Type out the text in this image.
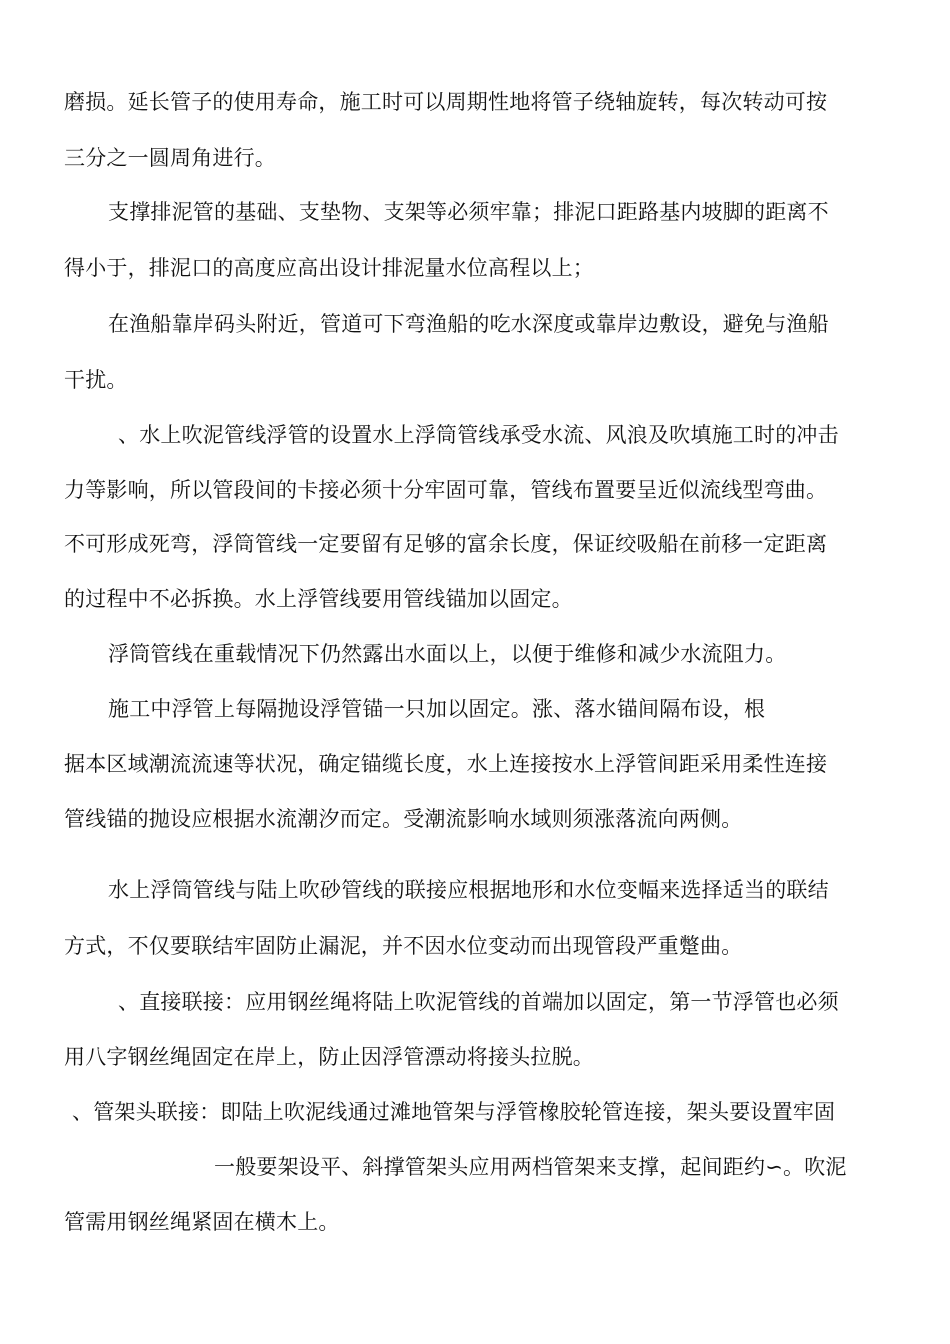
磨损。延长管子的使用寿命，施工时可以周期性地将管子绕轴旋转，每次转动可按
三分之一圆周角进行。
支撑排泥管的基础、支垫物、支架等必须牢靠；排泥口距路基内坡脚的距离不
得小于，排泥口的高度应高出设计排泥量水位高程以上；
在渔船靠岸码头附近，管道可下弯渔船的吃水深度或靠岸边敷设，避免与渔船
干扰。
、水上吹泥管线浮管的设置水上浮筒管线承受水流、风浪及吹填施工时的冲击
力等影响，所以管段间的卡接必须十分牢固可靠，管线布置要呈近似流线型弯曲。
不可形成死弯，浮筒管线一定要留有足够的富余长度，保证绞吸船在前移一定距离
的过程中不必拆换。水上浮管线要用管线锚加以固定。
浮筒管线在重载情况下仍然露出水面以上，以便于维修和减少水流阻力。
施工中浮管上每隔抛设浮管锚一只加以固定。涨、落水锚间隔布设，根
据本区域潮流流速等状况，确定锚缆长度，水上连接按水上浮管间距采用柔性连接
管线锚的抛设应根据水流潮汐而定。受潮流影响水域则须涨落流向两侧。
水上浮筒管线与陆上吹砂管线的联接应根据地形和水位变幅来选择适当的联结
方式，不仅要联结牢固防止漏泥，并不因水位变动而出现管段严重蹩曲。
、直接联接：应用钢丝绳将陆上吹泥管线的首端加以固定，第一节浮管也必须
用八字钢丝绳固定在岸上，防止因浮管漂动将接头拉脱。
、管架头联接：即陆上吹泥线通过滩地管架与浮管橡胶轮管连接，架头要设置牢固
一般要架设平、斜撑管架头应用两档管架来支撑，起间距约∽。吹泥
管需用钢丝绳紧固在横木上。
